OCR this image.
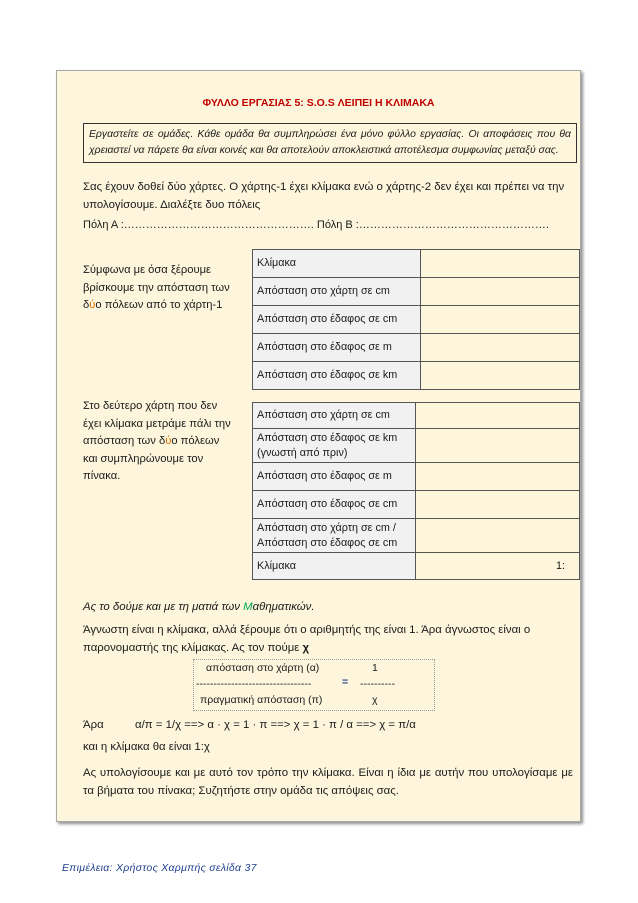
ΦΥΛΛΟ ΕΡΓΑΣΙΑΣ 5: S.O.S ΛΕΙΠΕΙ Η ΚΛΙΜΑΚΑ
Εργαστείτε σε ομάδες. Κάθε ομάδα θα συμπληρώσει ένα μόνο φύλλο εργασίας. Οι αποφάσεις που θα χρειαστεί να πάρετε θα είναι κοινές και θα αποτελούν αποκλειστικά αποτέλεσμα συμφωνίας μεταξύ σας.
Σας έχουν δοθεί δύο χάρτες. Ο χάρτης-1 έχει κλίμακα ενώ ο χάρτης-2 δεν έχει και πρέπει να την υπολογίσουμε. Διαλέξτε δυο πόλεις
Πόλη Α :……………………………………………. Πόλη Β :…………………………………………….
Σύμφωνα με όσα ξέρουμε βρίσκουμε την απόσταση των δύο πόλεων από το χάρτη-1
Κλίμακα	
Απόσταση στο χάρτη σε cm	
Απόσταση στο έδαφος σε cm	
Απόσταση στο έδαφος σε m	
Απόσταση στο έδαφος σε km	
Στο δεύτερο χάρτη που δεν έχει κλίμακα μετράμε πάλι την απόσταση των δύο πόλεων και συμπληρώνουμε τον πίνακα.
Απόσταση στο χάρτη σε cm	
Απόσταση στο έδαφος σε km (γνωστή από πριν)	
Απόσταση στο έδαφος σε m	
Απόσταση στο έδαφος σε cm	
Απόσταση στο χάρτη σε cm / Απόσταση στο έδαφος σε cm	
Κλίμακα	1:
Ας το δούμε και με τη ματιά των Μαθηματικών.
Άγνωστη είναι η κλίμακα, αλλά ξέρουμε ότι ο αριθμητής της είναι 1. Άρα άγνωστος είναι ο παρονομαστής της κλίμακας. Ας τον πούμε χ
απόσταση στο χάρτη (α)	1
---------------------------------	= ----------
πραγματική απόσταση (π)	χ
Άρα	α/π = 1/χ ==> α · χ = 1 · π ==> χ = 1 · π / α ==> χ = π/α
και η κλίμακα θα είναι 1:χ
Ας υπολογίσουμε και με αυτό τον τρόπο την κλίμακα. Είναι η ίδια με αυτήν που υπολογίσαμε με τα βήματα του πίνακα; Συζητήστε στην ομάδα τις απόψεις σας.
Επιμέλεια: Χρήστος Χαρμπής σελίδα 37
